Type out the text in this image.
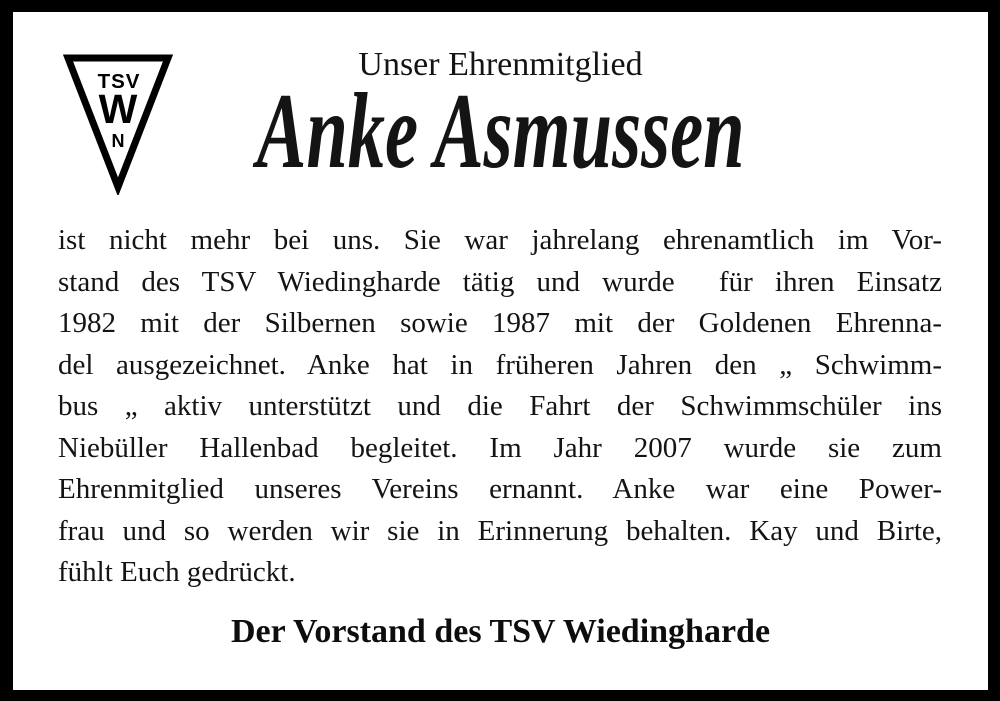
TSV
W
N
Unser Ehrenmitglied
Anke Asmussen
ist nicht mehr bei uns. Sie war jahrelang ehrenamtlich im Vor-
stand des TSV Wiedingharde tätig und wurde  für ihren Einsatz
1982 mit der Silbernen sowie 1987 mit der Goldenen Ehrenna-
del ausgezeichnet. Anke hat in früheren Jahren den „ Schwimm-
bus „ aktiv unterstützt und die Fahrt der Schwimmschüler ins
Niebüller Hallenbad begleitet. Im Jahr 2007 wurde sie zum
Ehrenmitglied unseres Vereins ernannt. Anke war eine Power-
frau und so werden wir sie in Erinnerung behalten. Kay und Birte,
fühlt Euch gedrückt.
Der Vorstand des TSV Wiedingharde
